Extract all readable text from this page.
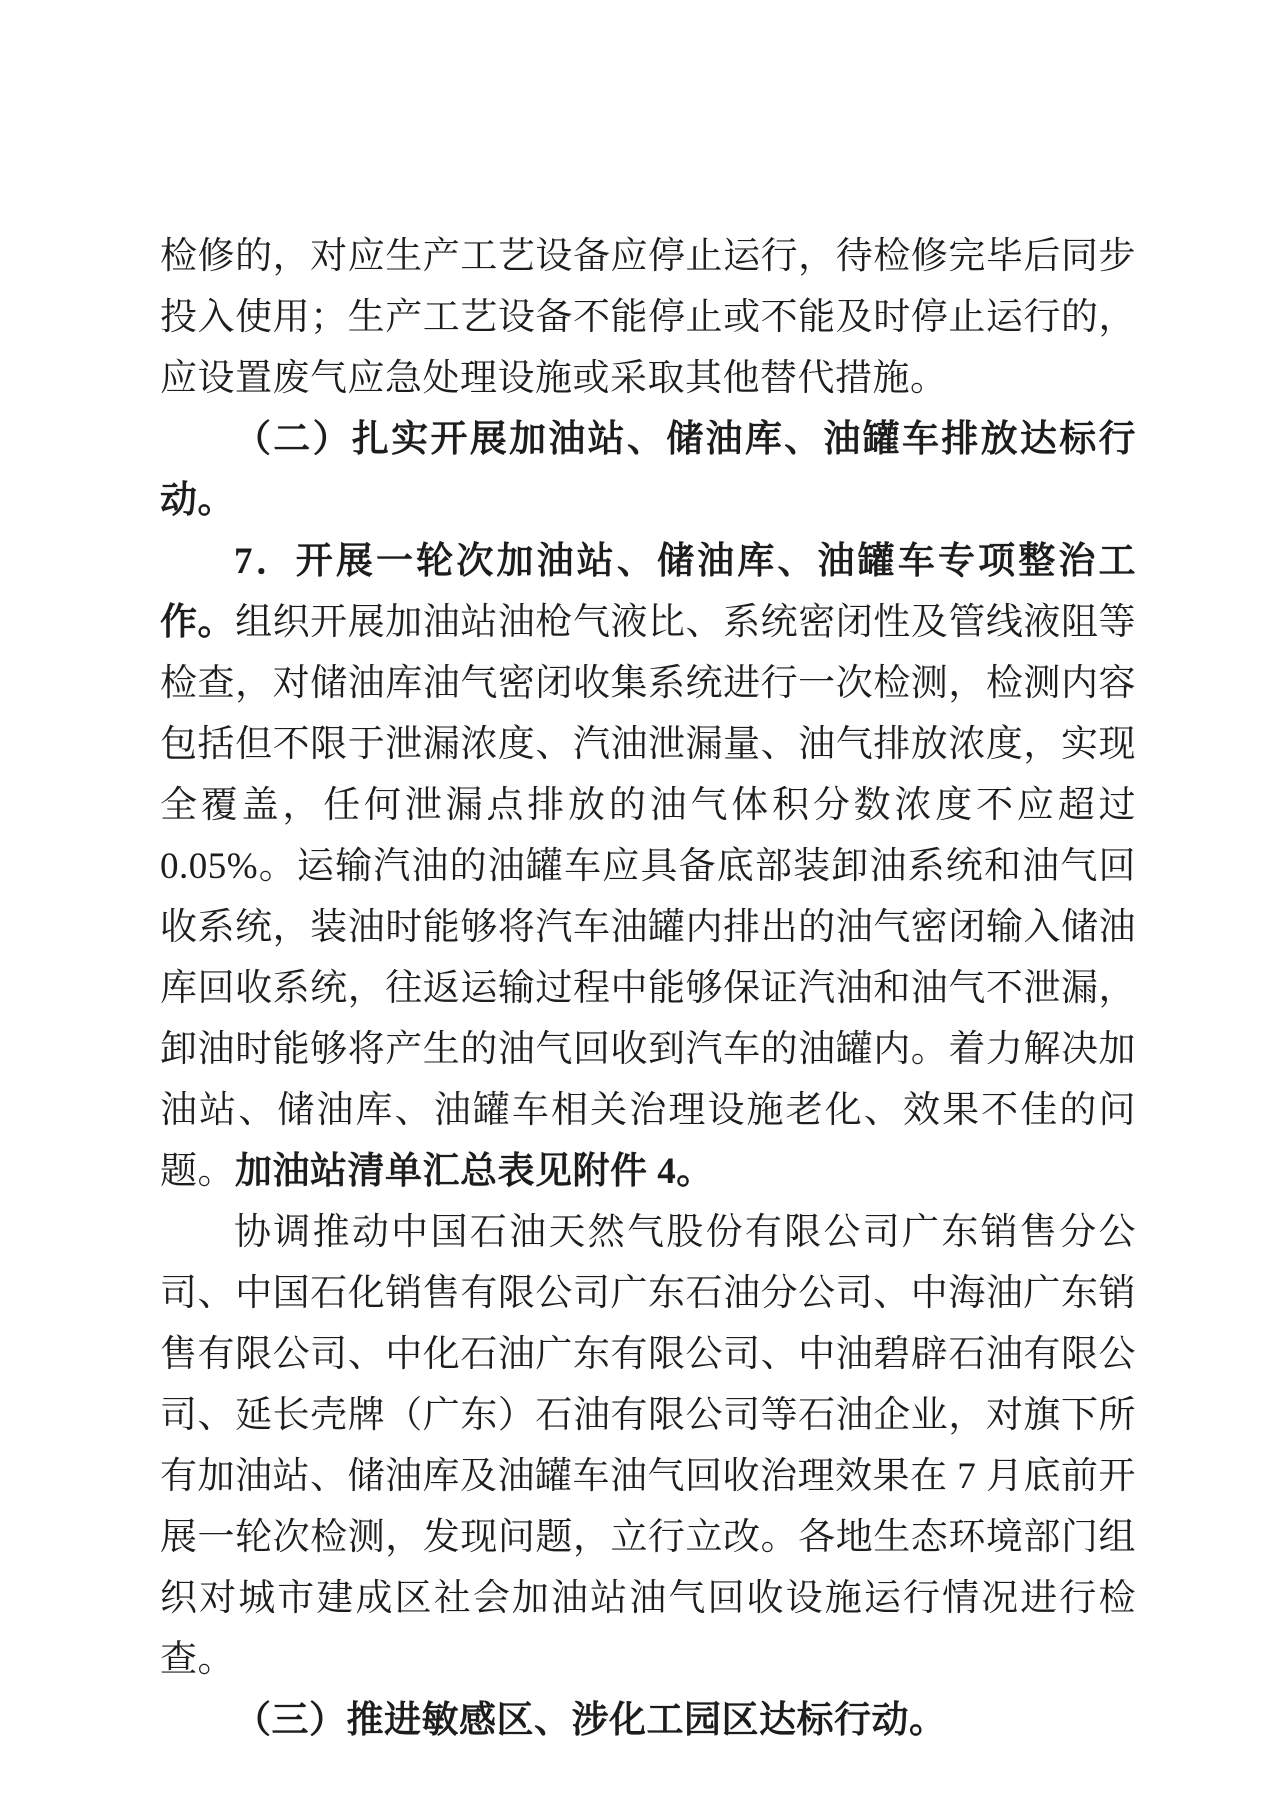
检修的，对应生产工艺设备应停止运行，待检修完毕后同步投入使用；生产工艺设备不能停止或不能及时停止运行的，应设置废气应急处理设施或采取其他替代措施。

（二）扎实开展加油站、储油库、油罐车排放达标行动。

7．开展一轮次加油站、储油库、油罐车专项整治工作。组织开展加油站油枪气液比、系统密闭性及管线液阻等检查，对储油库油气密闭收集系统进行一次检测，检测内容包括但不限于泄漏浓度、汽油泄漏量、油气排放浓度，实现全覆盖，任何泄漏点排放的油气体积分数浓度不应超过 0.05%。运输汽油的油罐车应具备底部装卸油系统和油气回收系统，装油时能够将汽车油罐内排出的油气密闭输入储油库回收系统，往返运输过程中能够保证汽油和油气不泄漏，卸油时能够将产生的油气回收到汽车的油罐内。着力解决加油站、储油库、油罐车相关治理设施老化、效果不佳的问题。加油站清单汇总表见附件 4。

协调推动中国石油天然气股份有限公司广东销售分公司、中国石化销售有限公司广东石油分公司、中海油广东销售有限公司、中化石油广东有限公司、中油碧辟石油有限公司、延长壳牌（广东）石油有限公司等石油企业，对旗下所有加油站、储油库及油罐车油气回收治理效果在 7 月底前开展一轮次检测，发现问题，立行立改。各地生态环境部门组织对城市建成区社会加油站油气回收设施运行情况进行检查。

（三）推进敏感区、涉化工园区达标行动。
